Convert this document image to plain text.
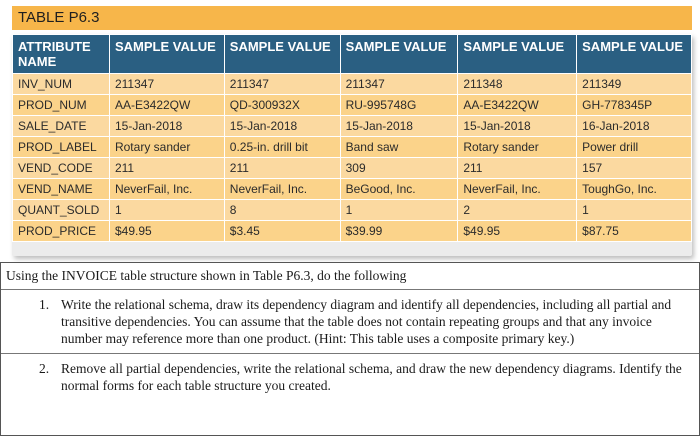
TABLE P6.3
ATTRIBUTE NAME	SAMPLE VALUE	SAMPLE VALUE	SAMPLE VALUE	SAMPLE VALUE	SAMPLE VALUE
INV_NUM	211347	211347	211347	211348	211349
PROD_NUM	AA-E3422QW	QD-300932X	RU-995748G	AA-E3422QW	GH-778345P
SALE_DATE	15-Jan-2018	15-Jan-2018	15-Jan-2018	15-Jan-2018	16-Jan-2018
PROD_LABEL	Rotary sander	0.25-in. drill bit	Band saw	Rotary sander	Power drill
VEND_CODE	211	211	309	211	157
VEND_NAME	NeverFail, Inc.	NeverFail, Inc.	BeGood, Inc.	NeverFail, Inc.	ToughGo, Inc.
QUANT_SOLD	1	8	1	2	1
PROD_PRICE	$49.95	$3.45	$39.99	$49.95	$87.75
Using the INVOICE table structure shown in Table P6.3, do the following
1. Write the relational schema, draw its dependency diagram and identify all dependencies, including all partial and transitive dependencies. You can assume that the table does not contain repeating groups and that any invoice number may reference more than one product. (Hint: This table uses a composite primary key.)
2. Remove all partial dependencies, write the relational schema, and draw the new dependency diagrams. Identify the normal forms for each table structure you created.
